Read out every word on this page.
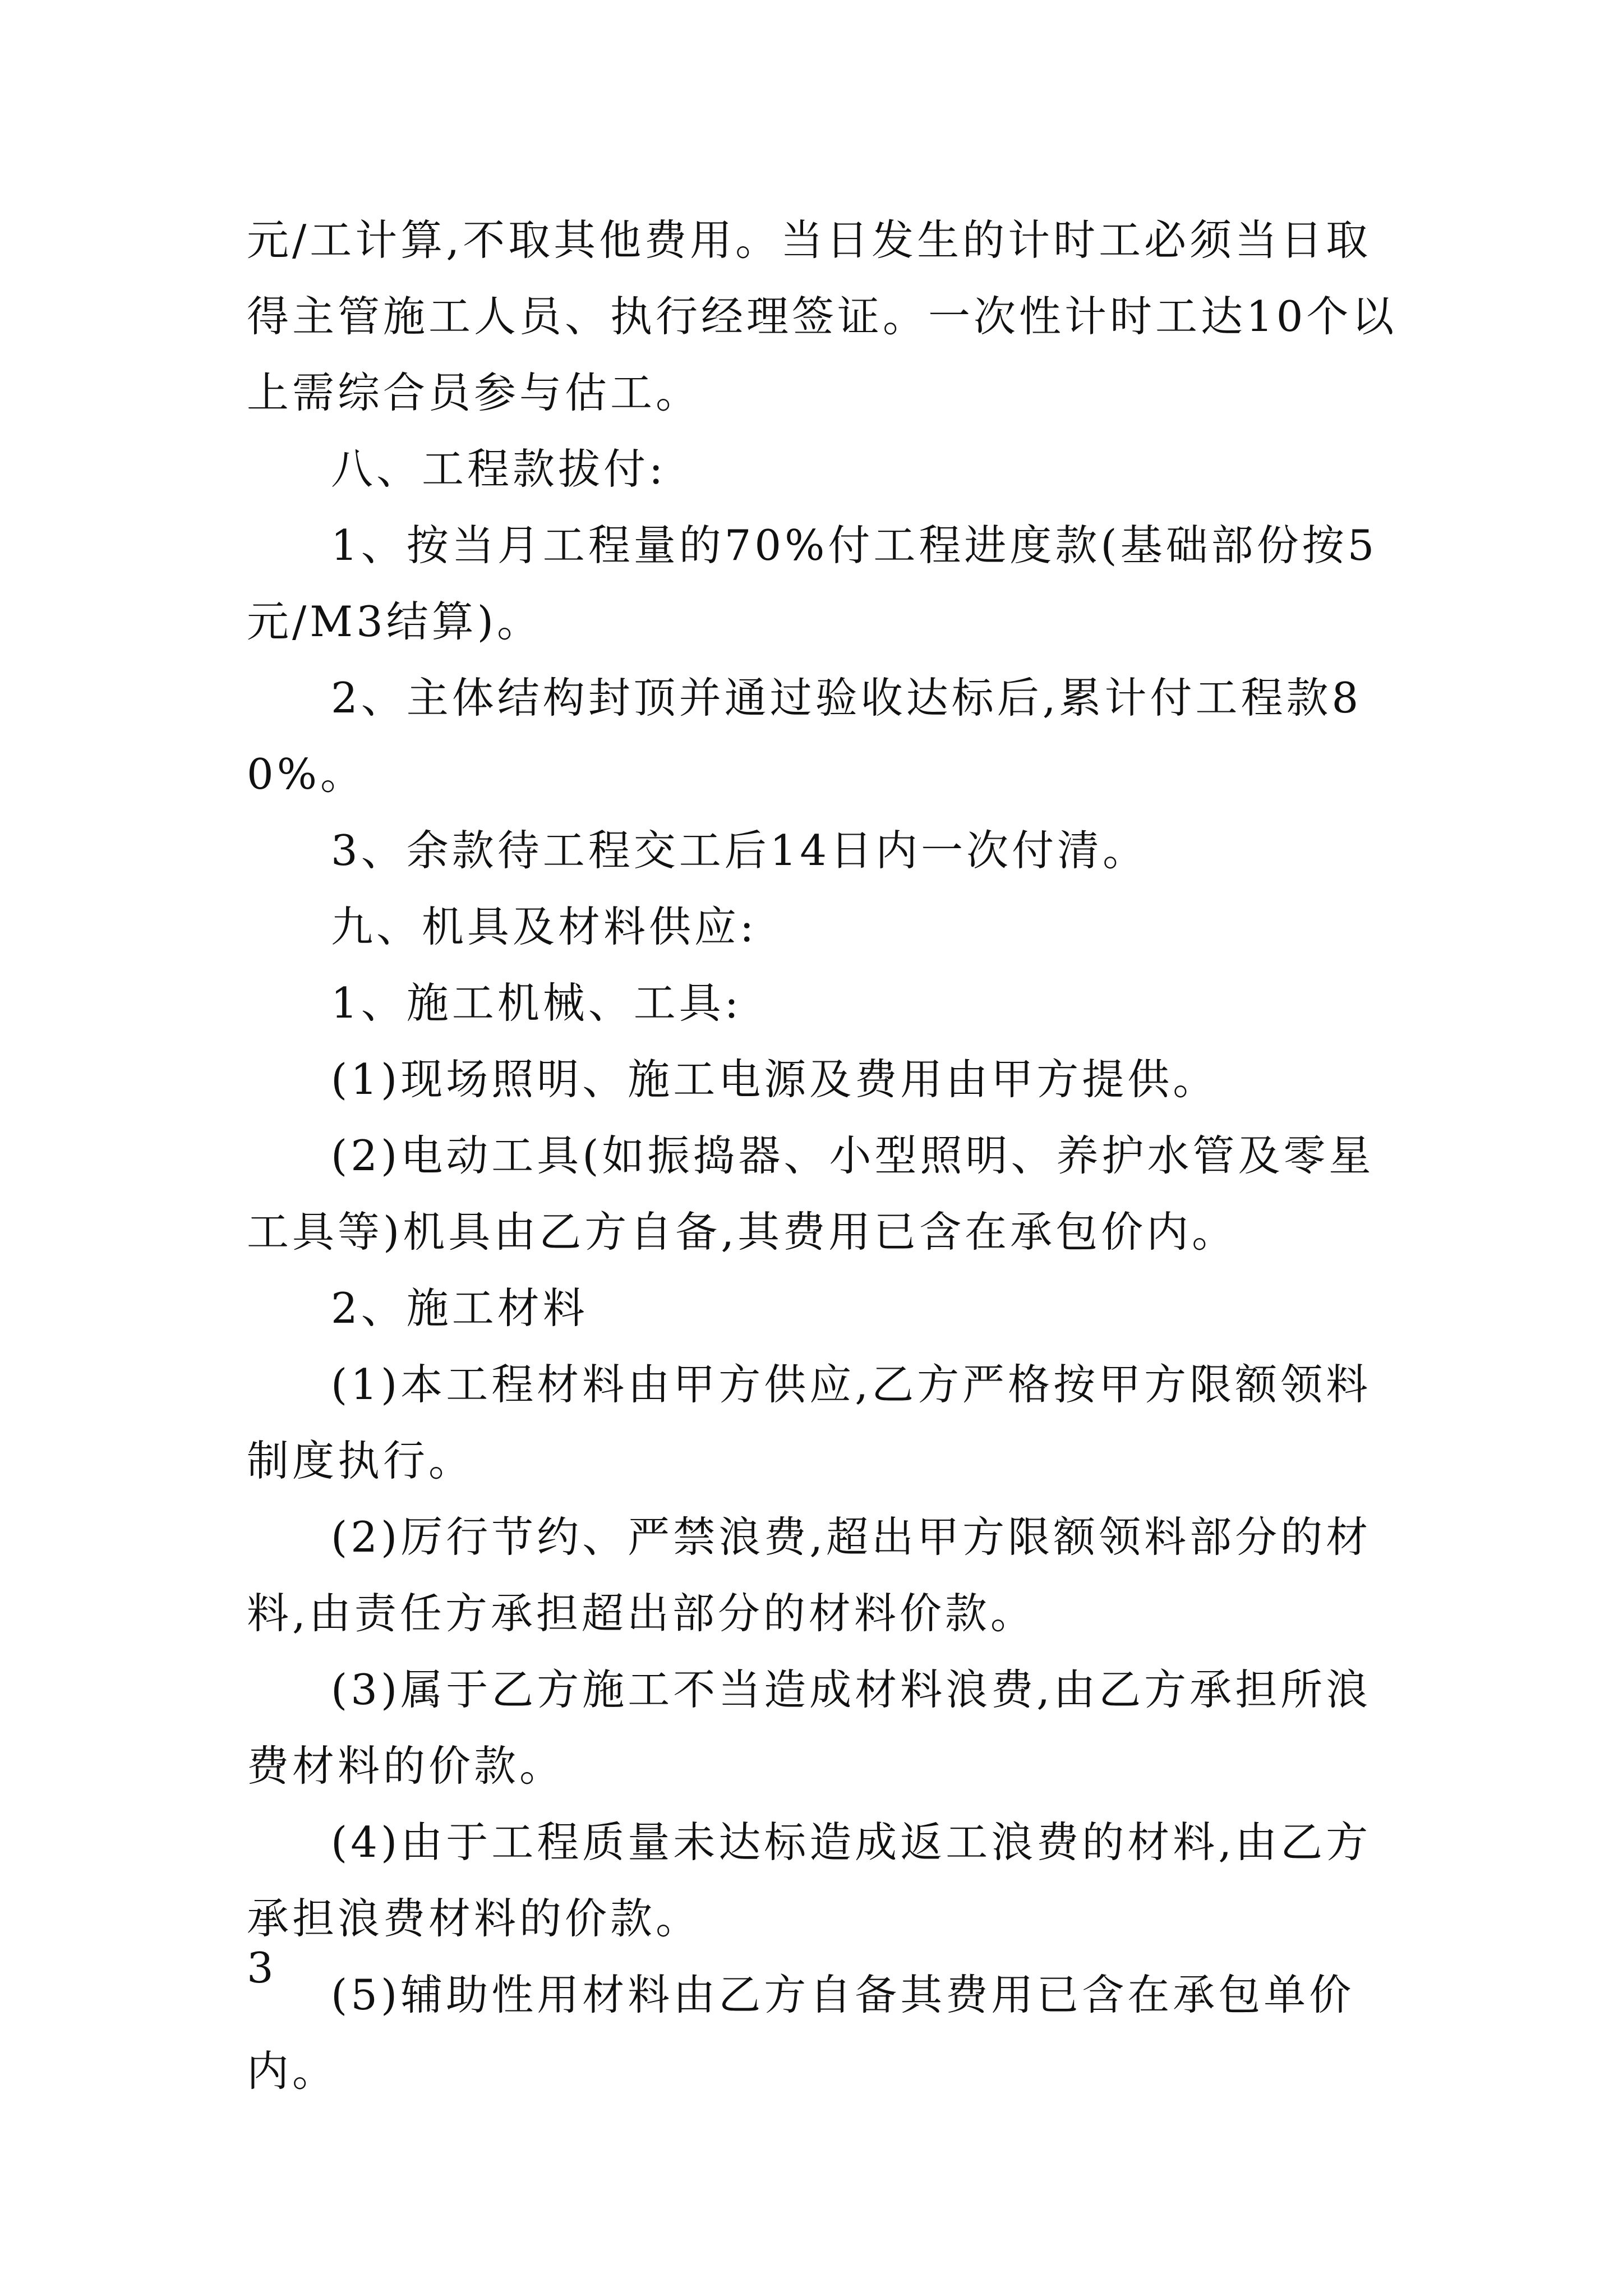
元/工计算,不取其他费用。当日发生的计时工必须当日取得主管施工人员、执行经理签证。一次性计时工达10个以上需综合员参与估工。

八、工程款拔付:

1、按当月工程量的70%付工程进度款(基础部份按5元/M3结算)。

2、主体结构封顶并通过验收达标后,累计付工程款80%。

3、余款待工程交工后14日内一次付清。

九、机具及材料供应:

1、施工机械、工具:

(1)现场照明、施工电源及费用由甲方提供。

(2)电动工具(如振捣器、小型照明、养护水管及零星工具等)机具由乙方自备,其费用已含在承包价内。

2、施工材料

(1)本工程材料由甲方供应,乙方严格按甲方限额领料制度执行。

(2)厉行节约、严禁浪费,超出甲方限额领料部分的材料,由责任方承担超出部分的材料价款。

(3)属于乙方施工不当造成材料浪费,由乙方承担所浪费材料的价款。

(4)由于工程质量未达标造成返工浪费的材料,由乙方承担浪费材料的价款。

(5)辅助性用材料由乙方自备其费用已含在承包单价内。

3
